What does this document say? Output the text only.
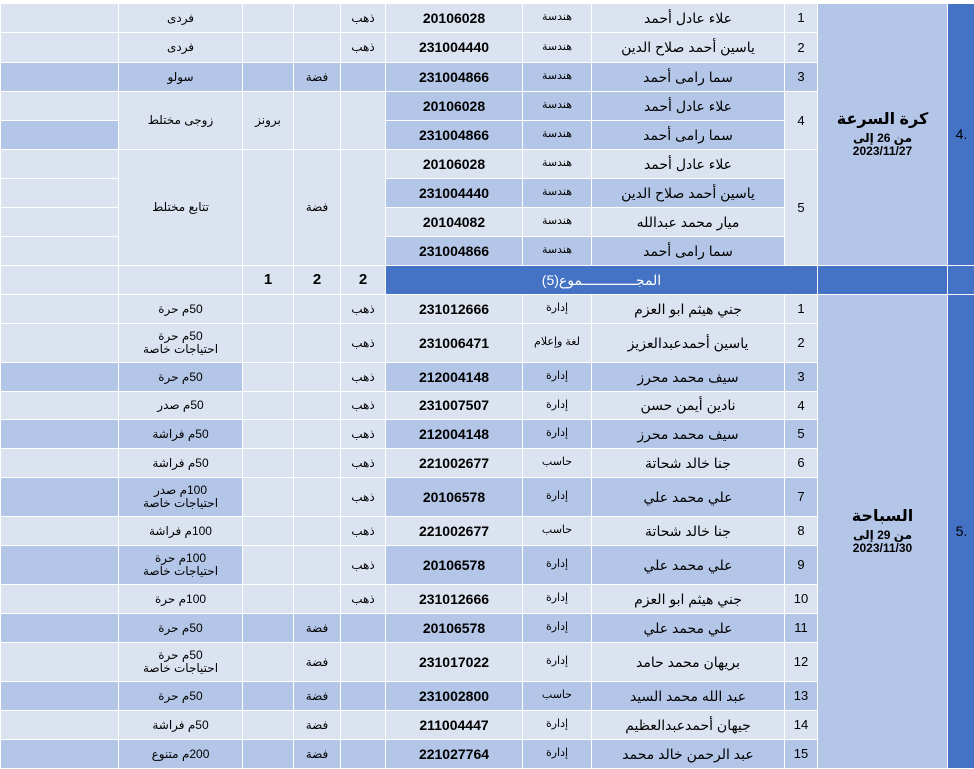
.4	كرة السرعة
من 26 إلى 2023/11/27	1	علاء عادل أحمد	هندسة	20106028	ذهب			فردى	
		2	ياسين أحمد صلاح الدين	هندسة	231004440	ذهب			فردى	
		3	سما رامى أحمد	هندسة	231004866		فضة		سولو	
		4	علاء عادل أحمد	هندسة	20106028			برونز	زوجى مختلط	
			سما رامى أحمد	هندسة	231004866					
		5	علاء عادل أحمد	هندسة	20106028		فضة		تتابع مختلط	
			ياسين أحمد صلاح الدين	هندسة	231004440					
			ميار محمد عبدالله	هندسة	20104082					
			سما رامى أحمد	هندسة	231004866					
		المجـــــــــــــموع(5)				2	2	1		
.5	السباحة
من 29 إلى 2023/11/30	1	جني هيثم ابو العزم	إدارة	231012666	ذهب			50م حرة	
		2	ياسين أحمدعبدالعزيز	لغة وإعلام	231006471	ذهب			50م حرة
احتياجات خاصة	

		3	سيف محمد محرز	إدارة	212004148	ذهب			50م حرة	
		4	نادين أيمن حسن	إدارة	231007507	ذهب			50م صدر	
		5	سيف محمد محرز	إدارة	212004148	ذهب			50م فراشة	
		6	جنا خالد شحاتة	حاسب	221002677	ذهب			50م فراشة	
		7	علي محمد علي	إدارة	20106578	ذهب			100م صدر
احتياجات خاصة	

		8	جنا خالد شحاتة	حاسب	221002677	ذهب			100م فراشة	
		9	علي محمد علي	إدارة	20106578	ذهب			100م حرة
احتياجات خاصة	

		10	جني هيثم ابو العزم	إدارة	231012666	ذهب			100م حرة	
		11	علي محمد علي	إدارة	20106578		فضة		50م حرة	
		12	بريهان محمد حامد	إدارة	231017022		فضة		50م حرة
احتياجات خاصة	

		13	عبد الله محمد السيد	حاسب	231002800		فضة		50م حرة	
		14	جيهان أحمدعبدالعظيم	إدارة	211004447		فضة		50م فراشة	
		15	عبد الرحمن خالد محمد	إدارة	221027764		فضة		200م متنوع	
